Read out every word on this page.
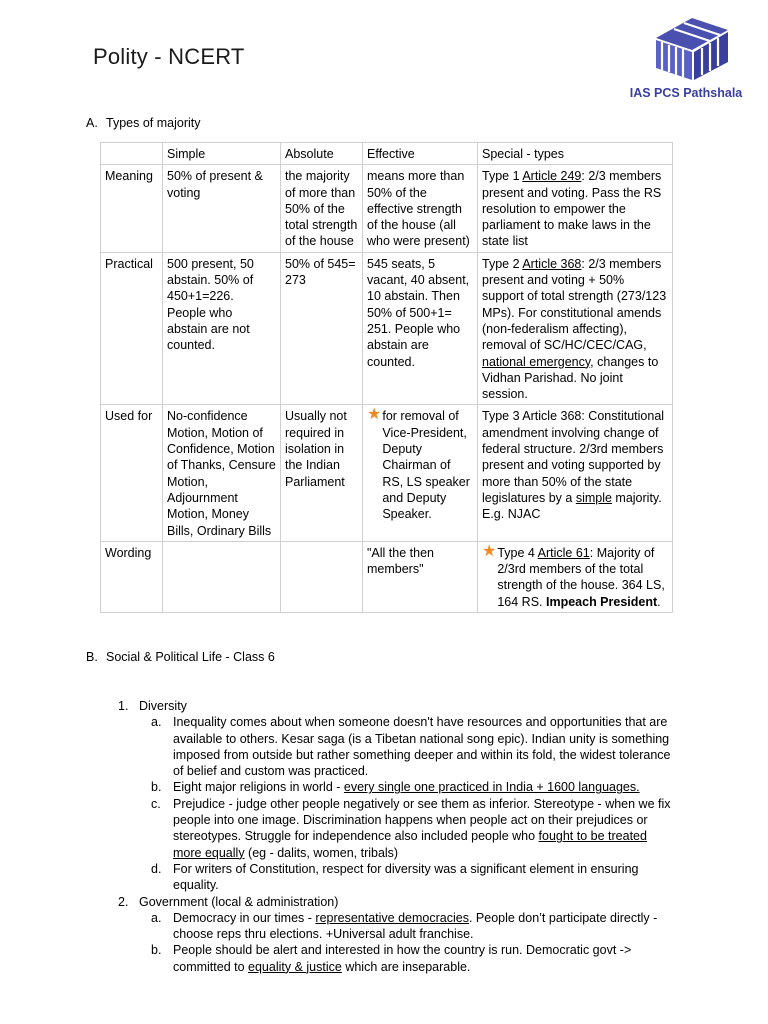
Polity - NCERT
IAS PCS Pathshala
A. Types of majority
	Simple	Absolute	Effective	Special - types
Meaning	50% of present & voting	the majority of more than 50% of the total strength of the house	means more than 50% of the effective strength of the house (all who were present)	Type 1 Article 249: 2/3 members present and voting. Pass the RS resolution to empower the parliament to make laws in the state list
Practical	500 present, 50 abstain. 50% of 450+1=226. People who abstain are not counted.	50% of 545= 273	545 seats, 5 vacant, 40 absent, 10 abstain. Then 50% of 500+1= 251. People who abstain are counted.	Type 2 Article 368: 2/3 members present and voting + 50% support of total strength (273/123 MPs). For constitutional amends (non-federalism affecting), removal of SC/HC/CEC/CAG, national emergency, changes to Vidhan Parishad. No joint session.
Used for	No-confidence Motion, Motion of Confidence, Motion of Thanks, Censure Motion, Adjournment Motion, Money Bills, Ordinary Bills	Usually not required in isolation in the Indian Parliament	★ for removal of Vice-President, Deputy Chairman of RS, LS speaker and Deputy Speaker.	Type 3 Article 368: Constitutional amendment involving change of federal structure. 2/3rd members present and voting supported by more than 50% of the state legislatures by a simple majority. E.g. NJAC
Wording			"All the then members"	★ Type 4 Article 61: Majority of 2/3rd members of the total strength of the house. 364 LS, 164 RS. Impeach President.
B. Social & Political Life - Class 6
1. Diversity
a. Inequality comes about when someone doesn't have resources and opportunities that are available to others. Kesar saga (is a Tibetan national song epic). Indian unity is something imposed from outside but rather something deeper and within its fold, the widest tolerance of belief and custom was practiced.
b. Eight major religions in world - every single one practiced in India + 1600 languages.
c. Prejudice - judge other people negatively or see them as inferior. Stereotype - when we fix people into one image. Discrimination happens when people act on their prejudices or stereotypes. Struggle for independence also included people who fought to be treated more equally (eg - dalits, women, tribals)
d. For writers of Constitution, respect for diversity was a significant element in ensuring equality.
2. Government (local & administration)
a. Democracy in our times - representative democracies. People don’t participate directly - choose reps thru elections. +Universal adult franchise.
b. People should be alert and interested in how the country is run. Democratic govt -> committed to equality & justice which are inseparable.
